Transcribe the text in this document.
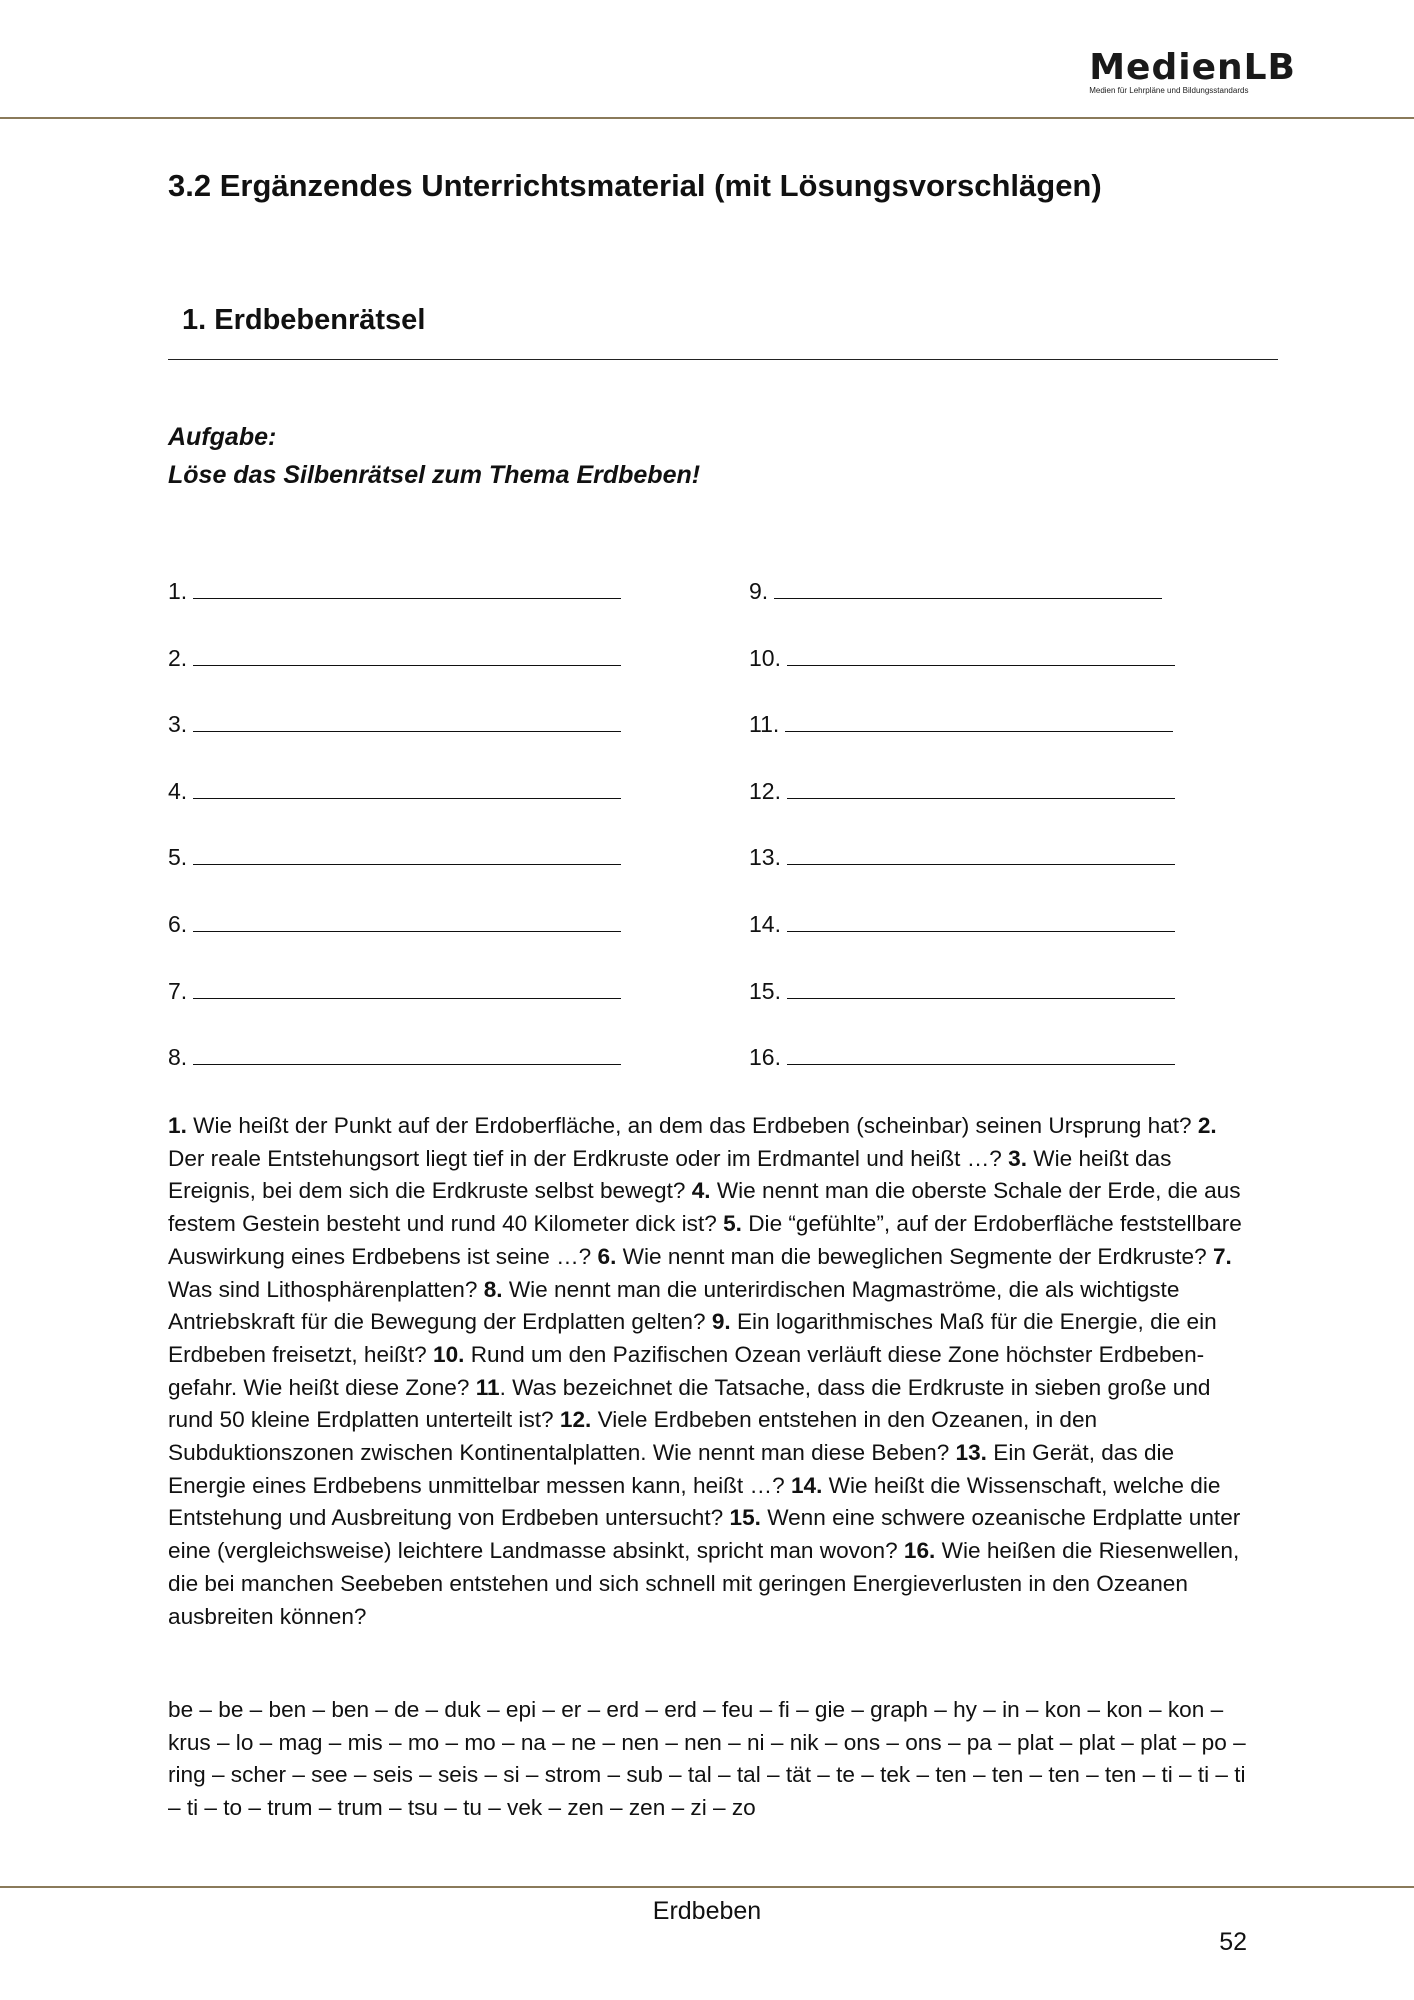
MedienLB
Medien für Lehrpläne und Bildungsstandards
3.2 Ergänzendes Unterrichtsmaterial (mit Lösungsvorschlägen)
1. Erdbebenrätsel
Aufgabe:
Löse das Silbenrätsel zum Thema Erdbeben!
1.
2.
3.
4.
5.
6.
7.
8.
9.
10.
11.
12.
13.
14.
15.
16.
1. Wie heißt der Punkt auf der Erdoberfläche, an dem das Erdbeben (scheinbar) seinen Ursprung hat? 2. Der reale Entstehungsort liegt tief in der Erdkruste oder im Erdmantel und heißt …? 3. Wie heißt das Ereignis, bei dem sich die Erdkruste selbst bewegt? 4. Wie nennt man die oberste Schale der Erde, die aus festem Gestein besteht und rund 40 Kilometer dick ist? 5. Die “gefühlte”, auf der Erdoberfläche feststellbare Auswirkung eines Erdbebens ist seine …? 6. Wie nennt man die beweglichen Segmente der Erdkruste? 7. Was sind Lithosphärenplatten? 8. Wie nennt man die unterirdischen Magmaströme, die als wichtigste Antriebskraft für die Bewegung der Erdplatten gelten? 9. Ein logarithmisches Maß für die Energie, die ein Erdbeben freisetzt, heißt? 10. Rund um den Pazifischen Ozean verläuft diese Zone höchster Erdbeben-gefahr. Wie heißt diese Zone? 11. Was bezeichnet die Tatsache, dass die Erdkruste in sieben große und rund 50 kleine Erdplatten unterteilt ist? 12. Viele Erdbeben entstehen in den Ozeanen, in den Subduktionszonen zwischen Kontinentalplatten. Wie nennt man diese Beben? 13. Ein Gerät, das die Energie eines Erdbebens unmittelbar messen kann, heißt …? 14. Wie heißt die Wissenschaft, welche die Entstehung und Ausbreitung von Erdbeben untersucht? 15. Wenn eine schwere ozeanische Erdplatte unter eine (vergleichsweise) leichtere Landmasse absinkt, spricht man wovon? 16. Wie heißen die Riesenwellen, die bei manchen Seebeben entstehen und sich schnell mit geringen Energieverlusten in den Ozeanen ausbreiten können?
be – be – ben – ben – de – duk – epi – er – erd – erd – feu – fi – gie – graph – hy – in – kon – kon – kon – krus – lo – mag – mis – mo – mo – na – ne – nen – nen – ni – nik – ons – ons – pa – plat – plat – plat – po – ring – scher – see – seis – seis – si – strom – sub – tal – tal – tät – te – tek – ten – ten – ten – ten – ti – ti – ti – ti – to – trum – trum – tsu – tu – vek – zen – zen – zi – zo
Erdbeben
52
